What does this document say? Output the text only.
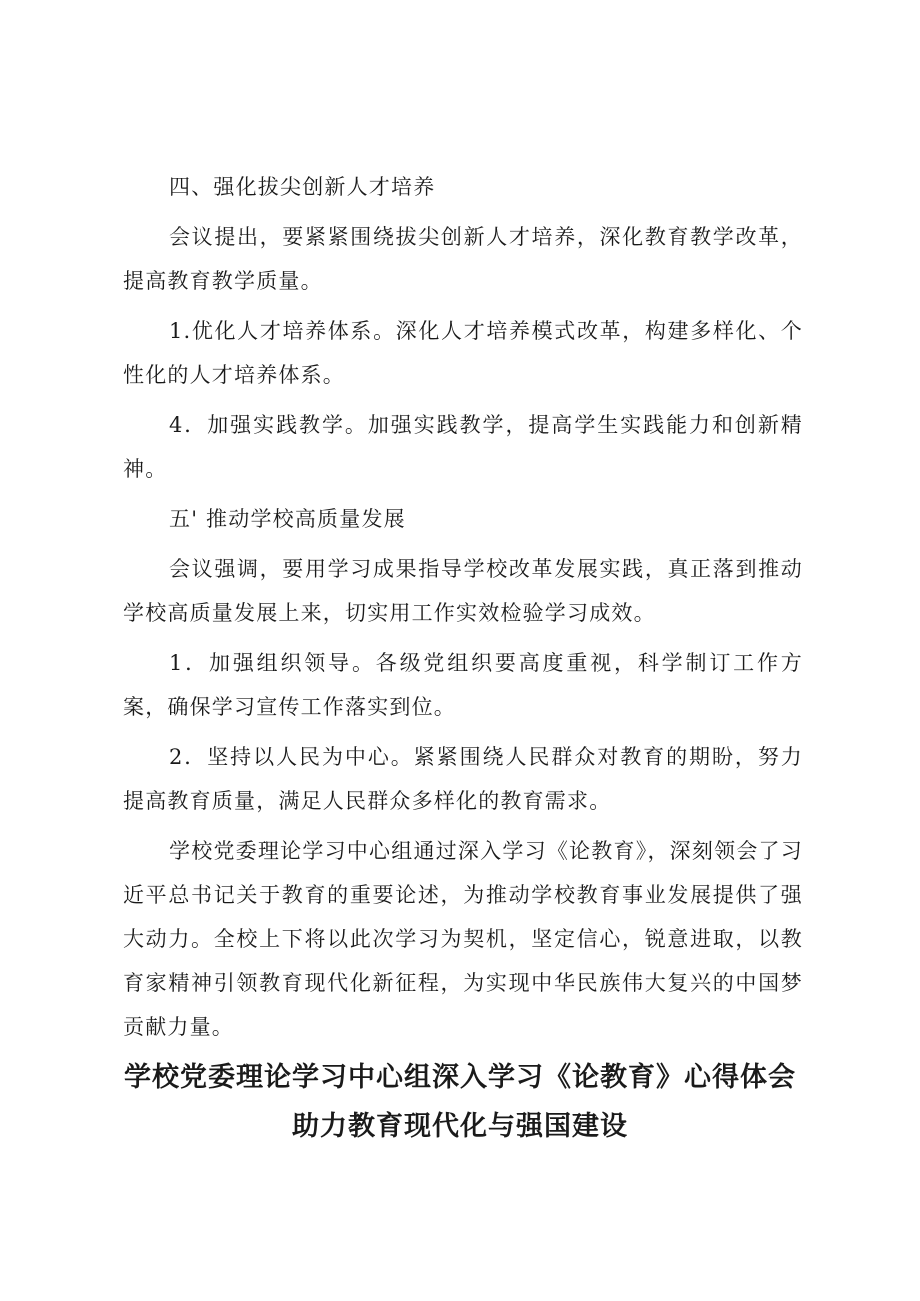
四、强化拔尖创新人才培养

会议提出，要紧紧围绕拔尖创新人才培养，深化教育教学改革，提高教育教学质量。

1.优化人才培养体系。深化人才培养模式改革，构建多样化、个性化的人才培养体系。

4．加强实践教学。加强实践教学，提高学生实践能力和创新精神。

五' 推动学校高质量发展

会议强调，要用学习成果指导学校改革发展实践，真正落到推动学校高质量发展上来，切实用工作实效检验学习成效。

1．加强组织领导。各级党组织要高度重视，科学制订工作方案，确保学习宣传工作落实到位。

2．坚持以人民为中心。紧紧围绕人民群众对教育的期盼，努力提高教育质量，满足人民群众多样化的教育需求。

学校党委理论学习中心组通过深入学习《论教育》，深刻领会了习近平总书记关于教育的重要论述，为推动学校教育事业发展提供了强大动力。全校上下将以此次学习为契机，坚定信心，锐意进取，以教育家精神引领教育现代化新征程，为实现中华民族伟大复兴的中国梦贡献力量。

学校党委理论学习中心组深入学习《论教育》心得体会
助力教育现代化与强国建设
